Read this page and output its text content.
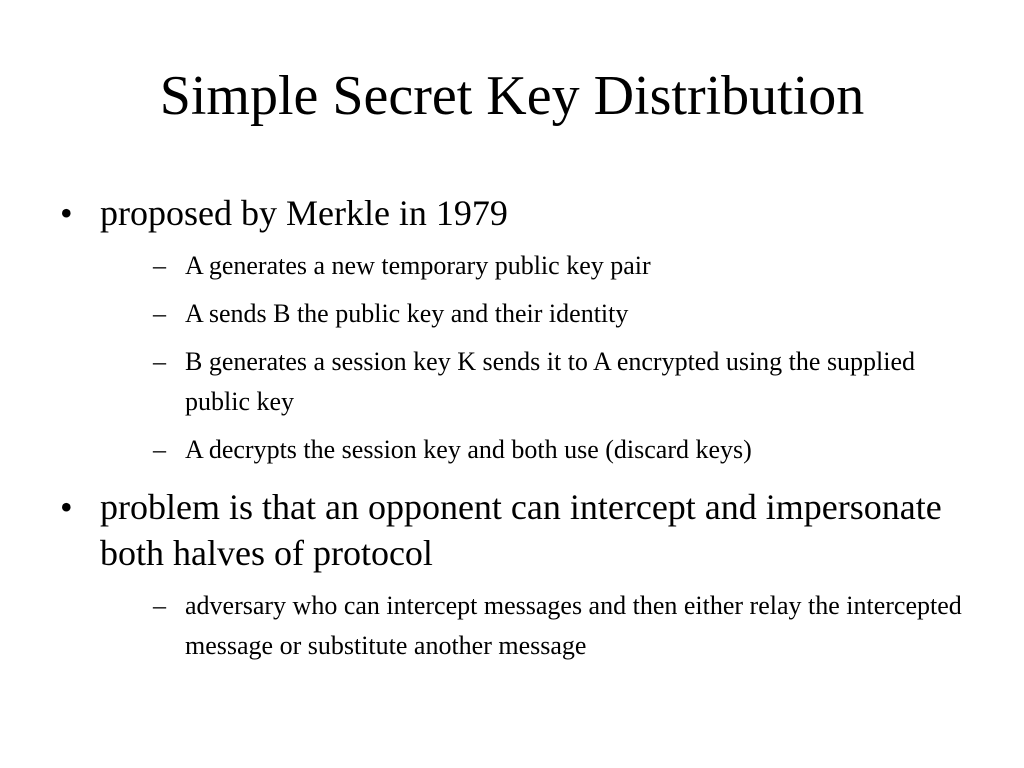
Simple Secret Key Distribution
• proposed by Merkle in 1979
– A generates a new temporary public key pair
– A sends B the public key and their identity
– B generates a session key K sends it to A encrypted using the supplied public key
– A decrypts the session key and both use (discard keys)
• problem is that an opponent can intercept and impersonate both halves of protocol
– adversary who can intercept messages and then either relay the intercepted message or substitute another message
